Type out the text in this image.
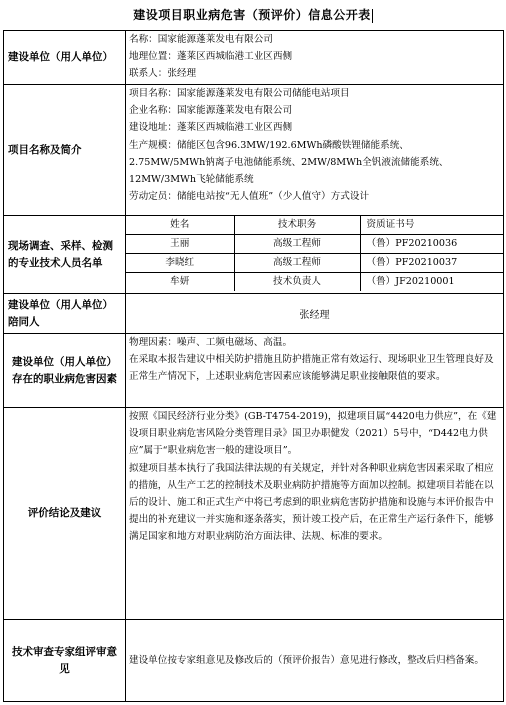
建设项目职业病危害（预评价）信息公开表
建设单位（用人单位）	
名称：国家能源蓬莱发电有限公司
地理位置：蓬莱区西城临港工业区西侧
联系人：张经理

项目名称及简介	
项目名称：国家能源蓬莱发电有限公司储能电站项目
企业名称：国家能源蓬莱发电有限公司
建设地址：蓬莱区西城临港工业区西侧
生产规模：储能区包含96.3MW/192.6MWh磷酸铁锂储能系统、
2.75MW/5MWh钠离子电池储能系统、2MW/8MWh全钒液流储能系统、
12MW/3MWh飞轮储能系统
劳动定员：储能电站按“无人值班”（少人值守）方式设计

现场调查、采样、检测的专业技术人员名单	
姓名	技术职务	资质证书号
王丽	高级工程师	（鲁）PF20210036
李晓红	高级工程师	（鲁）PF20210037
牟妍	技术负责人	（鲁）JF20210001

建设单位（用人单位）陪同人	张经理
建设单位（用人单位）存在的职业病危害因素	
物理因素：噪声、工频电磁场、高温。
在采取本报告建议中相关防护措施且防护措施正常有效运行、现场职业卫生管理良好及正常生产情况下，上述职业病危害因素应该能够满足职业接触限值的要求。

评价结论及建议	
按照《国民经济行业分类》(GB-T4754-2019)，拟建项目属“4420电力供应”，在《建设项目职业病危害风险分类管理目录》国卫办职健发（2021）5号中，“D442电力供应”属于“职业病危害一般的建设项目”。
拟建项目基本执行了我国法律法规的有关规定，并针对各种职业病危害因素采取了相应的措施，从生产工艺的控制技术及职业病防护措施等方面加以控制。拟建项目若能在以后的设计、施工和正式生产中将已考虑到的职业病危害防护措施和设施与本评价报告中提出的补充建议一并实施和逐条落实，预计竣工投产后，在正常生产运行条件下，能够满足国家和地方对职业病防治方面法律、法规、标准的要求。

技术审查专家组评审意见	
建设单位按专家组意见及修改后的（预评价报告）意见进行修改，整改后归档备案。
